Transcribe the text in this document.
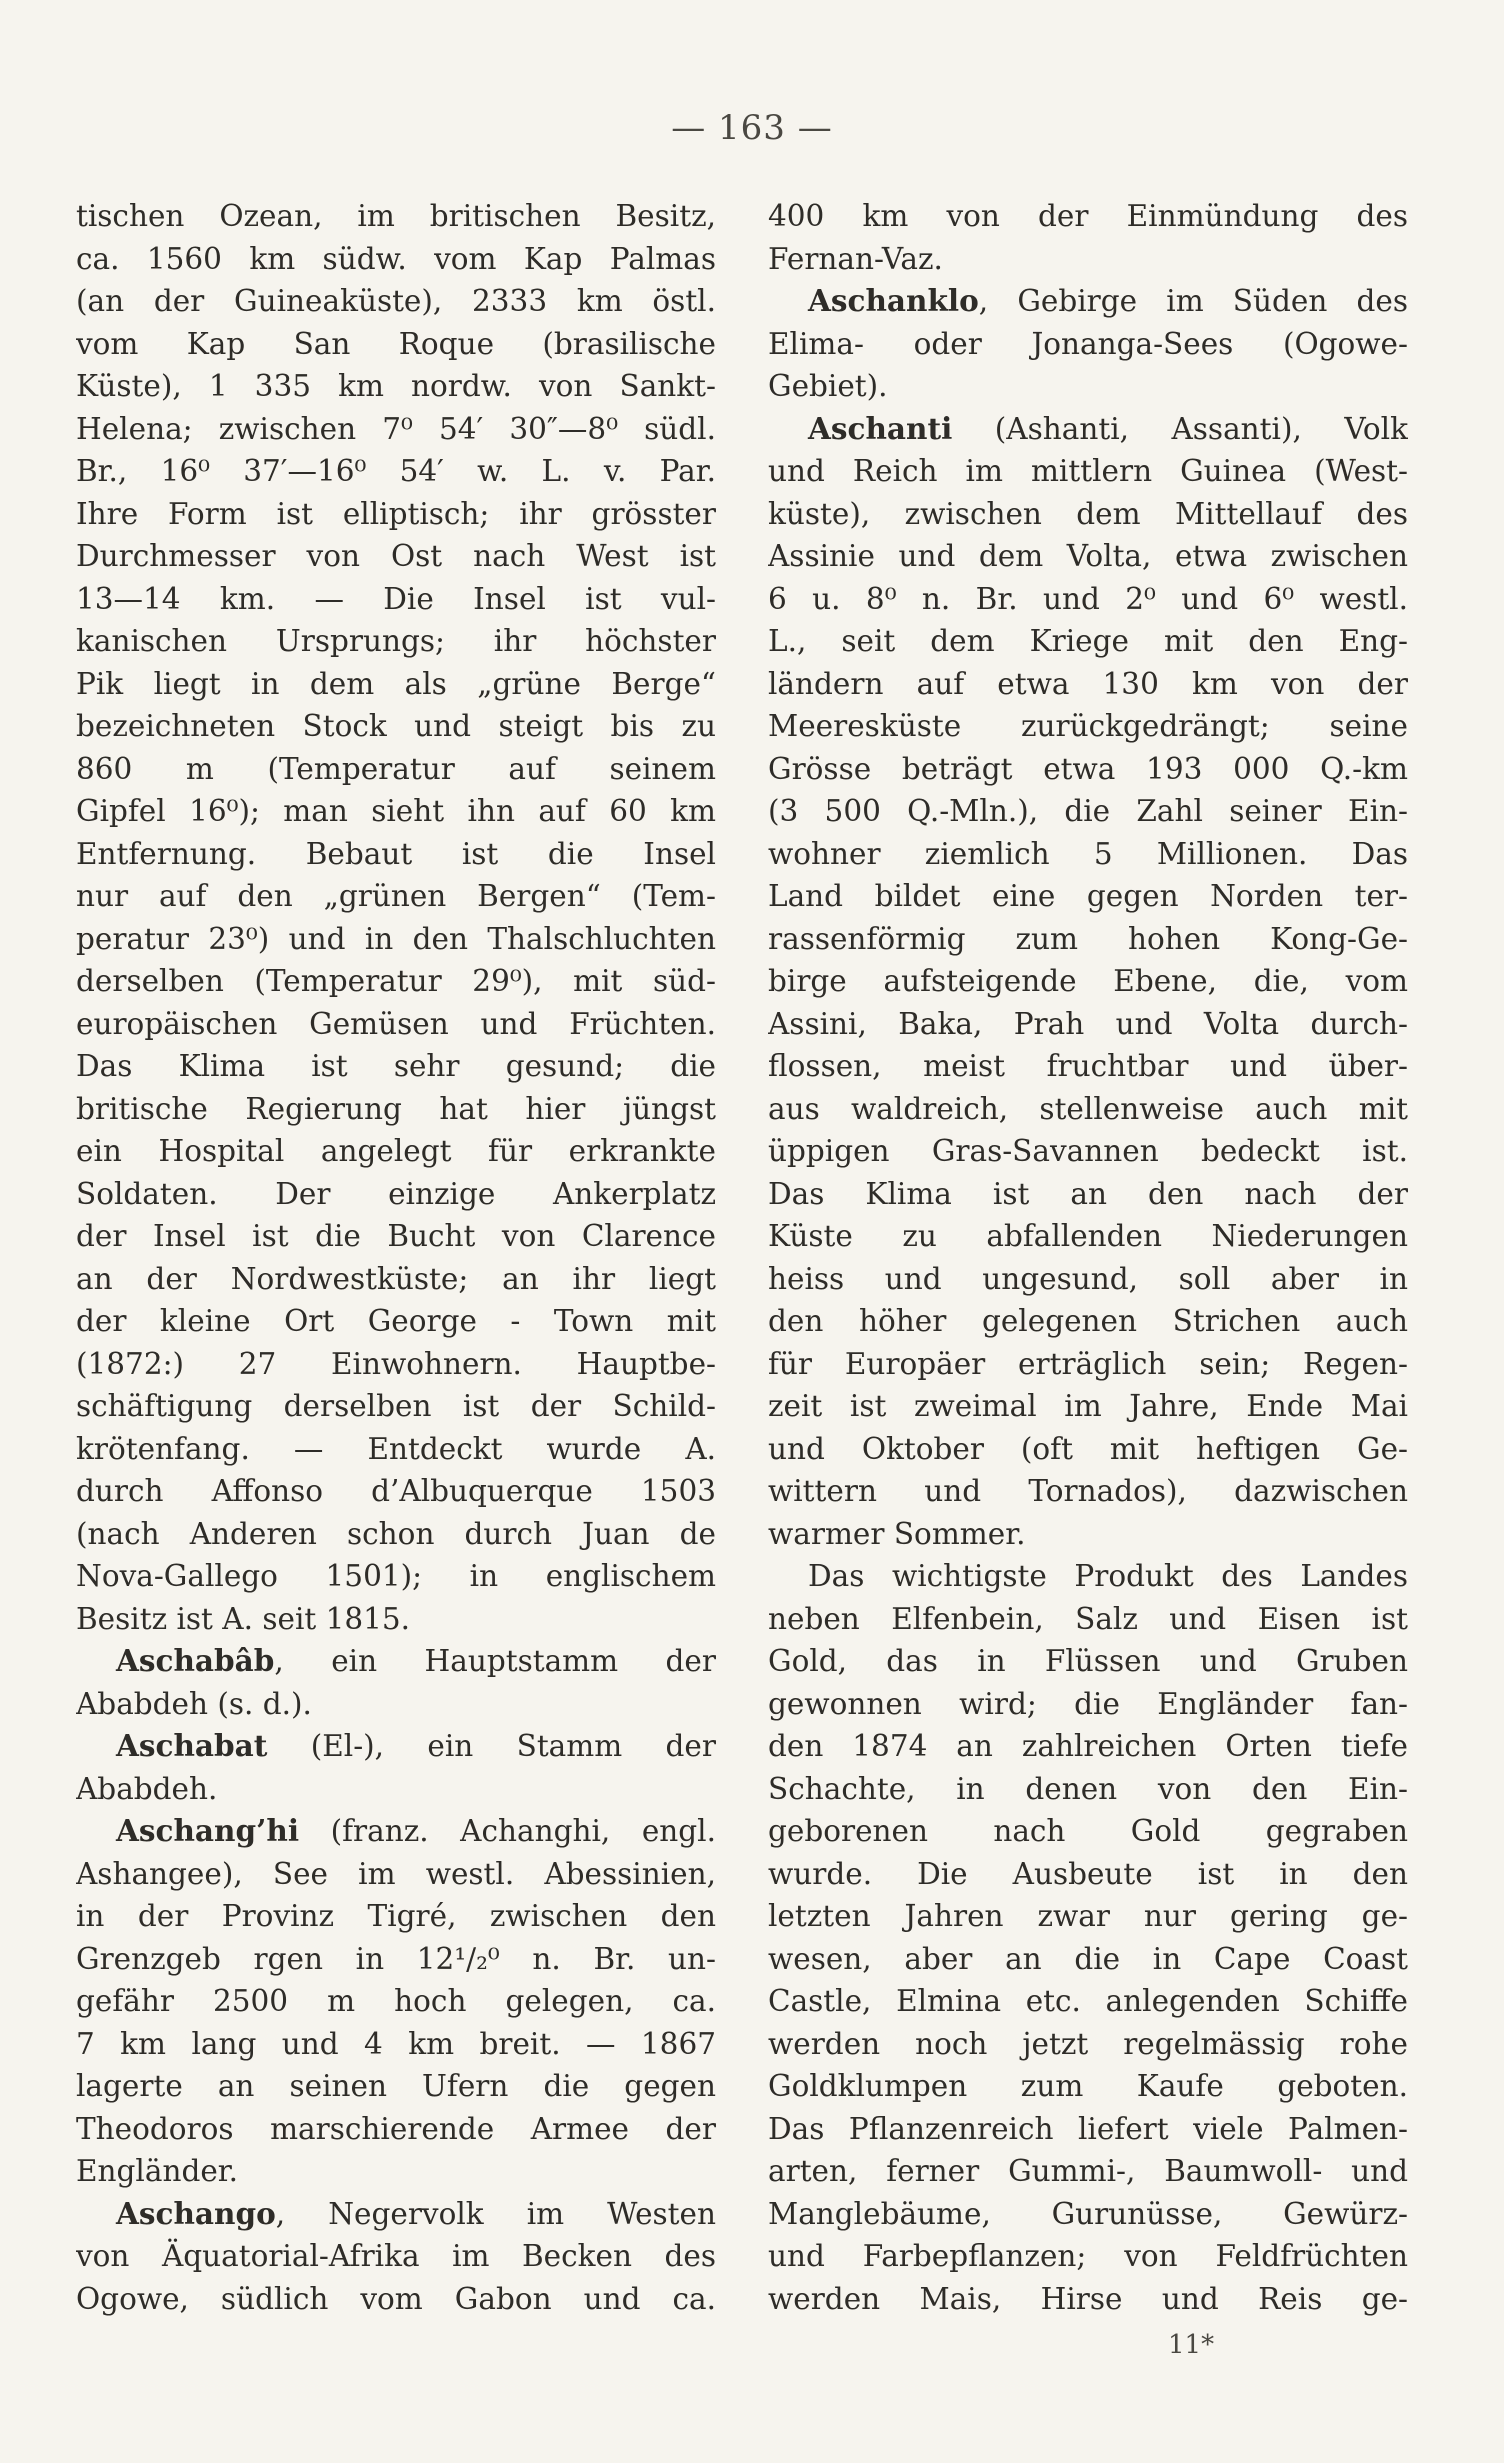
— 163 —
tischen Ozean, im britischen Besitz,
ca. 1560 km südw. vom Kap Palmas
(an der Guineaküste), 2333 km östl.
vom Kap San Roque (brasilische
Küste), 1 335 km nordw. von Sankt-
Helena; zwischen 7⁰ 54′ 30″—8⁰ südl.
Br., 16⁰ 37′—16⁰ 54′ w. L. v. Par.
Ihre Form ist elliptisch; ihr grösster
Durchmesser von Ost nach West ist
13—14 km. — Die Insel ist vul-
kanischen Ursprungs; ihr höchster
Pik liegt in dem als „grüne Berge“
bezeichneten Stock und steigt bis zu
860 m (Temperatur auf seinem
Gipfel 16⁰); man sieht ihn auf 60 km
Entfernung. Bebaut ist die Insel
nur auf den „grünen Bergen“ (Tem-
peratur 23⁰) und in den Thalschluchten
derselben (Temperatur 29⁰), mit süd-
europäischen Gemüsen und Früchten.
Das Klima ist sehr gesund; die
britische Regierung hat hier jüngst
ein Hospital angelegt für erkrankte
Soldaten. Der einzige Ankerplatz
der Insel ist die Bucht von Clarence
an der Nordwestküste; an ihr liegt
der kleine Ort George - Town mit
(1872:) 27 Einwohnern. Hauptbe-
schäftigung derselben ist der Schild-
krötenfang. — Entdeckt wurde A.
durch Affonso d’Albuquerque 1503
(nach Anderen schon durch Juan de
Nova-Gallego 1501); in englischem
Besitz ist A. seit 1815.
Aschabâb, ein Hauptstamm der
Ababdeh (s. d.).
Aschabat (El-), ein Stamm der
Ababdeh.
Aschang’hi (franz. Achanghi, engl.
Ashangee), See im westl. Abessinien,
in der Provinz Tigré, zwischen den
Grenzgeb rgen in 12¹/₂⁰ n. Br. un-
gefähr 2500 m hoch gelegen, ca.
7 km lang und 4 km breit. — 1867
lagerte an seinen Ufern die gegen
Theodoros marschierende Armee der
Engländer.
Aschango, Negervolk im Westen
von Äquatorial-Afrika im Becken des
Ogowe, südlich vom Gabon und ca.
400 km von der Einmündung des
Fernan-Vaz.
Aschanklo, Gebirge im Süden des
Elima- oder Jonanga-Sees (Ogowe-
Gebiet).
Aschanti (Ashanti, Assanti), Volk
und Reich im mittlern Guinea (West-
küste), zwischen dem Mittellauf des
Assinie und dem Volta, etwa zwischen
6 u. 8⁰ n. Br. und 2⁰ und 6⁰ westl.
L., seit dem Kriege mit den Eng-
ländern auf etwa 130 km von der
Meeresküste zurückgedrängt; seine
Grösse beträgt etwa 193 000 Q.-km
(3 500 Q.-Mln.), die Zahl seiner Ein-
wohner ziemlich 5 Millionen. Das
Land bildet eine gegen Norden ter-
rassenförmig zum hohen Kong-Ge-
birge aufsteigende Ebene, die, vom
Assini, Baka, Prah und Volta durch-
flossen, meist fruchtbar und über-
aus waldreich, stellenweise auch mit
üppigen Gras-Savannen bedeckt ist.
Das Klima ist an den nach der
Küste zu abfallenden Niederungen
heiss und ungesund, soll aber in
den höher gelegenen Strichen auch
für Europäer erträglich sein; Regen-
zeit ist zweimal im Jahre, Ende Mai
und Oktober (oft mit heftigen Ge-
wittern und Tornados), dazwischen
warmer Sommer.
Das wichtigste Produkt des Landes
neben Elfenbein, Salz und Eisen ist
Gold, das in Flüssen und Gruben
gewonnen wird; die Engländer fan-
den 1874 an zahlreichen Orten tiefe
Schachte, in denen von den Ein-
geborenen nach Gold gegraben
wurde. Die Ausbeute ist in den
letzten Jahren zwar nur gering ge-
wesen, aber an die in Cape Coast
Castle, Elmina etc. anlegenden Schiffe
werden noch jetzt regelmässig rohe
Goldklumpen zum Kaufe geboten.
Das Pflanzenreich liefert viele Palmen-
arten, ferner Gummi-, Baumwoll- und
Manglebäume, Gurunüsse, Gewürz-
und Farbepflanzen; von Feldfrüchten
werden Mais, Hirse und Reis ge-
11*
